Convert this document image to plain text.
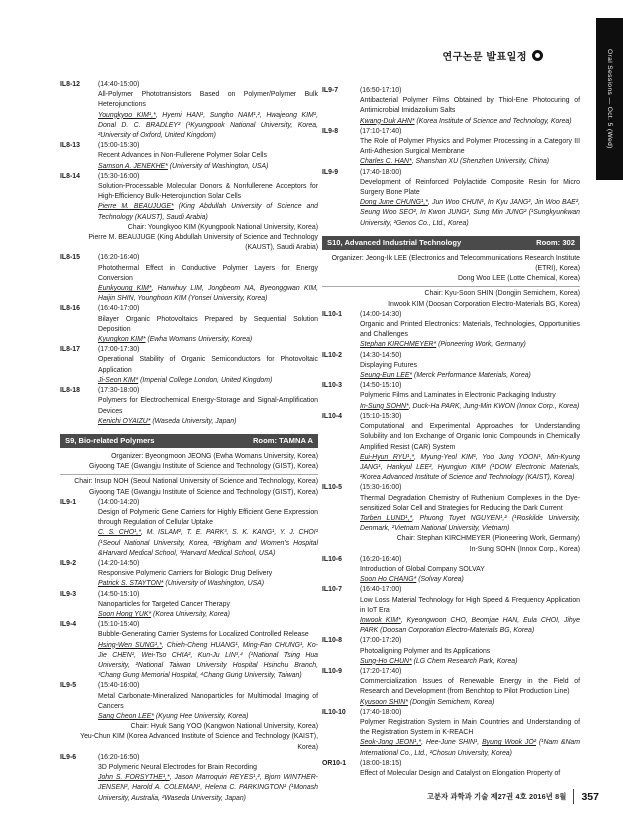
연구논문 발표일정	Oral Sessions — Oct. 5 (Wed)
IL8-12	(14:40-15:00)
All-Polymer Phototransistors Based on Polymer/Polymer Bulk Heterojunctions
Youngkyoo KIM¹,*, Hyemi HAN¹, Sungho NAM¹,², Hwajeong KIM¹, Donal D. C. BRADLEY² (¹Kyungpook National University, Korea, ²University of Oxford, United Kingdom)
IL8-13	(15:00-15:30)
Recent Advances in Non-Fullerene Polymer Solar Cells
Samson A. JENEKHE* (University of Washington, USA)
IL8-14	(15:30-16:00)
Solution-Processable Molecular Donors & Nonfullerene Acceptors for High-Efficiency Bulk-Heterojunction Solar Cells
Pierre M. BEAUJUGE* (King Abdullah University of Science and Technology (KAUST), Saudi Arabia)
Chair: Youngkyoo KIM (Kyungpook National University, Korea)
Pierre M. BEAUJUGE (King Abdullah University of Science and Technology (KAUST), Saudi Arabia)
IL8-15	(16:20-16:40)
Photothermal Effect in Conductive Polymer Layers for Energy Conversion
Eunkyoung KIM*, Hanwhuy LIM, Jongbeom NA, Byeonggwan KIM, Haijin SHIN, Younghoon KIM (Yonsei University, Korea)
IL8-16	(16:40-17:00)
Bilayer Organic Photovoltaics Prepared by Sequential Solution Deposition
Kyungkon KIM* (Ewha Womans University, Korea)
IL8-17	(17:00-17:30)
Operational Stability of Organic Semiconductors for Photovoltaic Application
Ji-Seon KIM* (Imperial College London, United Kingdom)
IL8-18	(17:30-18:00)
Polymers for Electrochemical Energy-Storage and Signal-Amplification Devices
Kenichi OYAIZU* (Waseda University, Japan)
S9, Bio-related Polymers	Room: TAMNA A
Organizer: Byeongmoon JEONG (Ewha Womans University, Korea)
Giyoong TAE (Gwangju Institute of Science and Technology (GIST), Korea)
Chair: Insup NOH (Seoul National University of Science and Technology, Korea)
Giyoong TAE (Gwangju Institute of Science and Technology (GIST), Korea)
IL9-1	(14:00-14:20)
Design of Polymeric Gene Carriers for Highly Efficient Gene Expression through Regulation of Cellular Uptake
C. S. CHO¹,*, M. ISLAM², T. E. PARK³, S. K. KANG¹, Y. J. CHOI¹ (¹Seoul National University, Korea, ²Brigham and Women's Hospital &Harvard Medical School, ³Harvard Medical School, USA)
IL9-2	(14:20-14:50)
Responsive Polymeric Carriers for Biologic Drug Delivery
Patrick S. STAYTON* (University of Washington, USA)
IL9-3	(14:50-15:10)
Nanoparticles for Targeted Cancer Therapy
Soon Hong YUK* (Korea University, Korea)
IL9-4	(15:10-15:40)
Bubble-Generating Carrier Systems for Localized Controlled Release
Hsing-Wen SUNG¹,*, Chieh-Cheng HUANG¹, Ming-Fan CHUNG¹, Ko-Jie CHEN¹, Wei-Tso CHIA², Kun-Ju LIN³,⁴ (¹National Tsing Hua University, ²National Taiwan University Hospital Hsinchu Branch, ³Chang Gung Memorial Hospital, ⁴Chang Gung University, Taiwan)
IL9-5	(15:40-16:00)
Metal Carbonate-Mineralized Nanoparticles for Multimodal Imaging of Cancers
Sang Cheon LEE* (Kyung Hee University, Korea)
Chair: Hyuk Sang YOO (Kangwon National University, Korea)
Yeu-Chun KIM (Korea Advanced Institute of Science and Technology (KAIST), Korea)
IL9-6	(16:20-16:50)
3D Polymeric Neural Electrodes for Brain Recording
John S. FORSYTHE¹,*, Jason Marroquin REYES¹,², Bjorn WINTHER-JENSEN², Harold A. COLEMAN¹, Helena C. PARKINGTON¹ (¹Monash University, Australia, ²Waseda University, Japan)
IL9-7	(16:50-17:10)
Antibacterial Polymer Films Obtained by Thiol-Ene Photocuring of Antimicrobial Imidazolium Salts
Kwang-Duk AHN* (Korea Institute of Science and Technology, Korea)
IL9-8	(17:10-17:40)
The Role of Polymer Physics and Polymer Processing in a Category III Anti-Adhesion Surgical Membrane
Charles C. HAN*, Shanshan XU (Shenzhen University, China)
IL9-9	(17:40-18:00)
Development of Reinforced Polylactide Composite Resin for Micro Surgery Bone Plate
Dong June CHUNG¹,*, Jun Woo CHUN¹, In Kyu JANG², Jin Woo BAE², Seung Woo SEO², In Kwon JUNG², Sung Min JUNG² (¹Sungkyunkwan University, ²Genos Co., Ltd., Korea)
S10, Advanced Industrial Technology	Room: 302
Organizer: Jeong-Ik LEE (Electronics and Telecommunications Research Institute (ETRI), Korea)
Dong Woo LEE (Lotte Chemical, Korea)
Chair: Kyu-Soon SHIN (Dongjin Semichem, Korea)
Inwook KIM (Doosan Corporation Electro-Materials BG, Korea)
IL10-1	(14:00-14:30)
Organic and Printed Electronics: Materials, Technologies, Opportunities and Challenges
Stephan KIRCHMEYER* (Pioneering Work, Germany)
IL10-2	(14:30-14:50)
Displaying Futures
Seung-Eun LEE* (Merck Performance Materials, Korea)
IL10-3	(14:50-15:10)
Polymeric Films and Laminates in Electronic Packaging Industry
In-Sung SOHN*, Duck-Ha PARK, Jung-Min KWON (Innox Corp., Korea)
IL10-4	(15:10-15:30)
Computational and Experimental Approaches for Understanding Solubility and Ion Exchange of Organic Ionic Compounds in Chemically Amplified Resist (CAR) System
Eui-Hyun RYU¹,*, Myung-Yeol KIM¹, Yoo Jung YOON¹, Min-Kyung JANG¹, Hankyul LEE², Hyungjun KIM² (¹DOW Electronic Materials, ²Korea Advanced Institute of Science and Technology (KAIST), Korea)
IL10-5	(15:30-16:00)
Thermal Degradation Chemistry of Ruthenium Complexes in the Dye-sensitized Solar Cell and Strategies for Reducing the Dark Current
Torben LUND¹,*, Phuong Tuyet NGUYEN¹,² (¹Roskilde University, Denmark, ²Vietnam National University, Vietnam)
Chair: Stephan KIRCHMEYER (Pioneering Work, Germany)
In-Sung SOHN (Innox Corp., Korea)
IL10-6	(16:20-16:40)
Introduction of Global Company SOLVAY
Soon Ho CHANG* (Solvay Korea)
IL10-7	(16:40-17:00)
Low Loss Material Technology for High Speed & Frequency Application in IoT Era
Inwook KIM*, Kyeongwoon CHO, Beomjae HAN, Eula CHOI, Jihye PARK (Doosan Corporation Electro-Materials BG, Korea)
IL10-8	(17:00-17:20)
Photoaligning Polymer and Its Applications
Sung-Ho CHUN* (LG Chem Research Park, Korea)
IL10-9	(17:20-17:40)
Commercialization Issues of Renewable Energy in the Field of Research and Development (from Benchtop to Pilot Production Line)
Kyusoon SHIN* (Dongjin Semichem, Korea)
IL10-10 (17:40-18:00)
Polymer Registration System in Main Countries and Understanding of the Registration System in K-REACH
Seok-Jong JEON¹,*, Hee-June SHIN¹, Byung Wook JO² (¹Nam &Nam International Co., Ltd., ²Chosun University, Korea)
OR10-1 (18:00-18:15)
Effect of Molecular Design and Catalyst on Elongation Property of
고분자 과학과 기술 제27권 4호 2016년 8월 357
